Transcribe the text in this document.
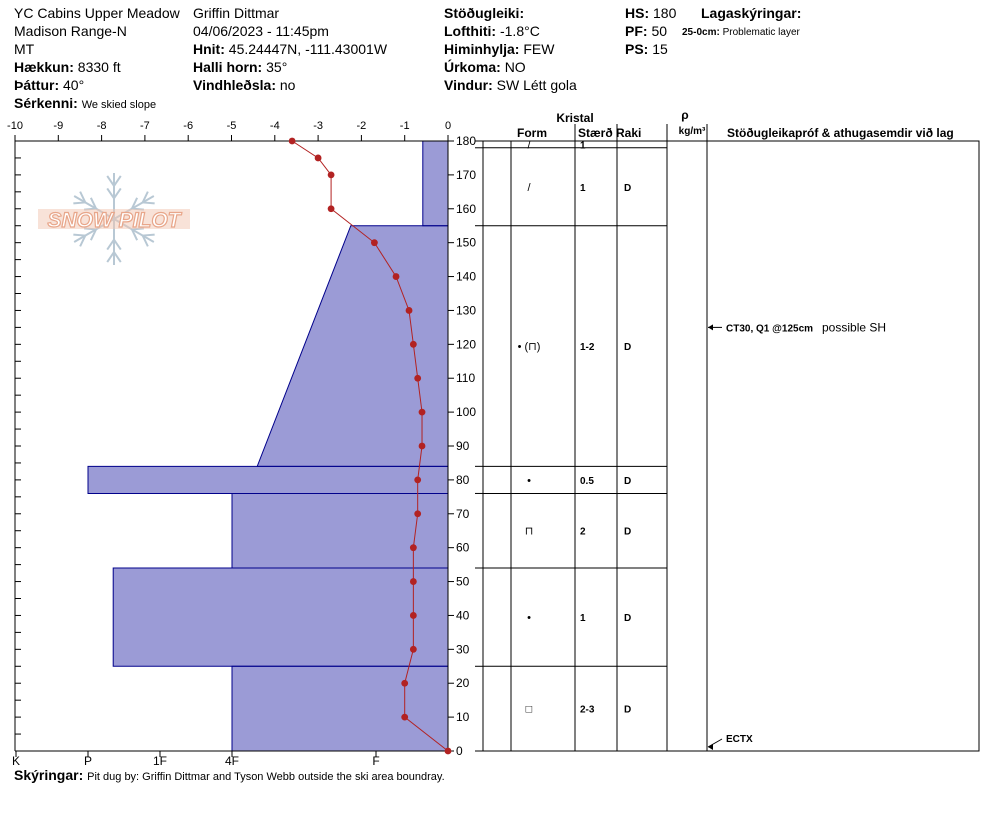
YC Cabins Upper Meadow Griffin Dittmar
Madison Range-N	04/06/2023 - 11:45pm
MT	Hnit: 45.24447N, -111.43001W
Hækkun: 8330 ft	Halli horn: 35°
Þáttur: 40°	Vindhleðsla: no
Sérkenni: We skied slope
Stöðugleiki:
Lofthiti: -1.8°C
Himinhylja: FEW
Úrkoma: NO
Vindur: SW Létt gola
HS: 180
PF: 50
PS: 15
Lagaskýringar:
25-0cm: Problematic layer
Skýringar: Pit dug by: Griffin Dittmar and Tyson Webb outside the ski area boundray.
SNOW PILOT
Kristal
Form	Stærð Raki
ρ
kg/m³ Stöðugleikapróf & athugasemdir við lag
-10	-9	-8	-7	-6	-5	-4	-3	-2	-1	0
0
10
20
30
40
50
60
70
80
90
100
110
120
130
140
150
160
170
180
K	P	1F	4F	F
□	2-3	D
•	1	D
⊓	2	D
•	0.5	D
• (⊓)	1-2	D
/	1	D
/	1
CT30, Q1 @125cm possible SH
ECTX
